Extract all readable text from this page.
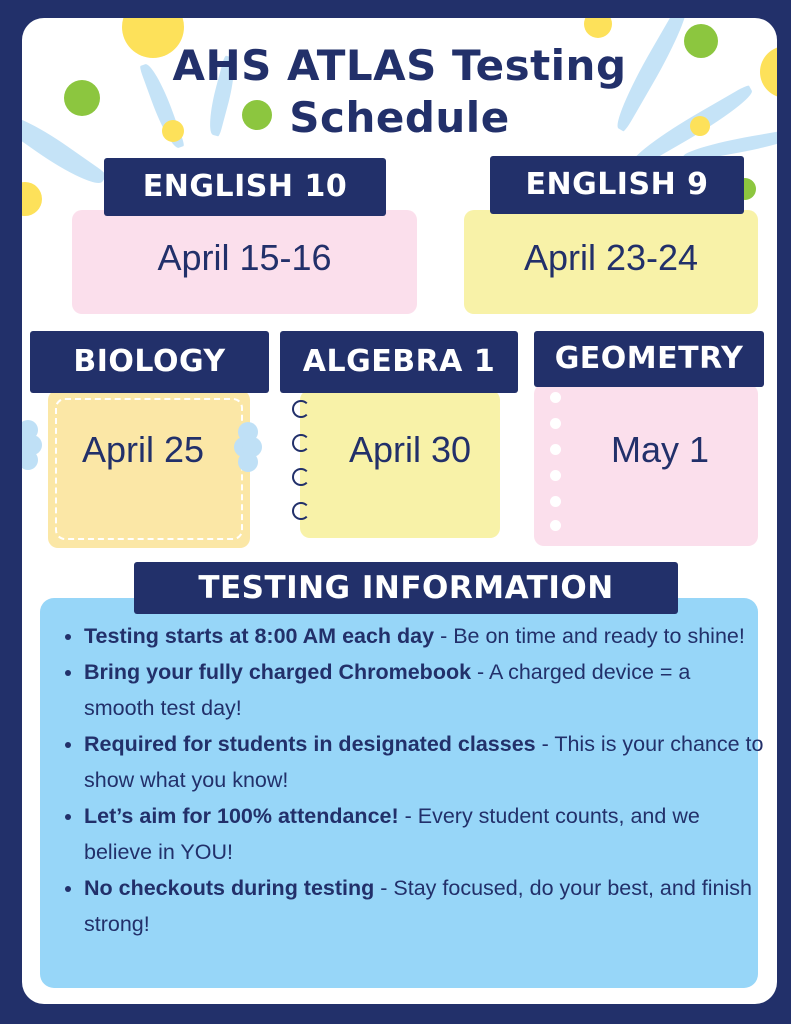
AHS ATLAS Testing
Schedule
ENGLISH 10
April 15-16
ENGLISH 9
April 23-24
BIOLOGY
April 25
ALGEBRA 1
April 30
GEOMETRY
May 1
TESTING INFORMATION
• Testing starts at 8:00 AM each day - Be on time and ready to shine!
• Bring your fully charged Chromebook - A charged device = a smooth test day!
• Required for students in designated classes - This is your chance to show what you know!
• Let’s aim for 100% attendance! - Every student counts, and we believe in YOU!
• No checkouts during testing - Stay focused, do your best, and finish strong!
